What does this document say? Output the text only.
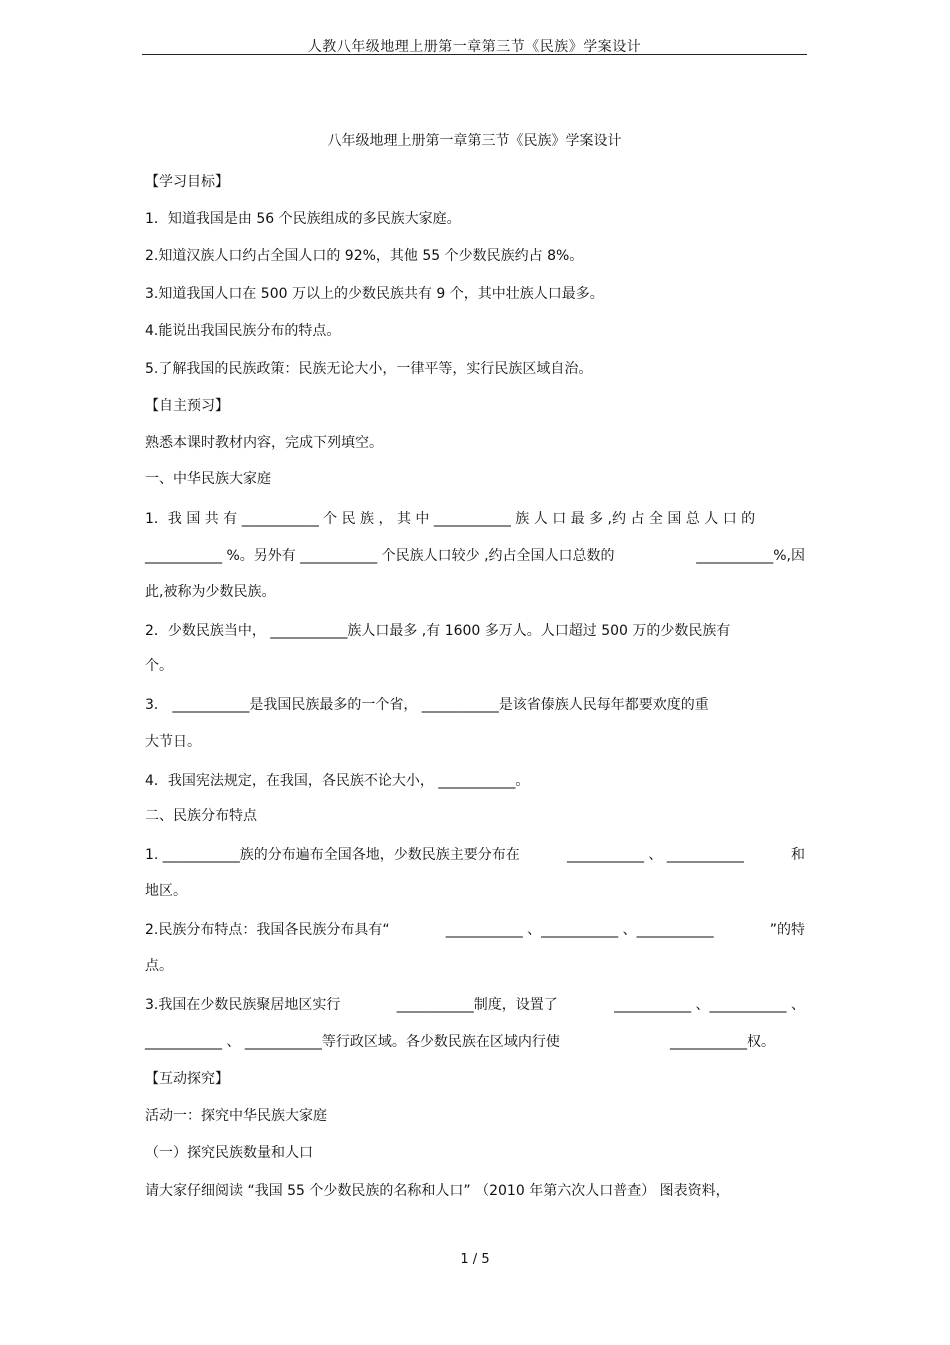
人教八年级地理上册第一章第三节《民族》学案设计
八年级地理上册第一章第三节《民族》学案设计
【学习目标】
1．知道我国是由 56 个民族组成的多民族大家庭。
2.知道汉族人口约占全国人口的 92%，其他 55 个少数民族约占 8%。
3.知道我国人口在 500 万以上的少数民族共有 9 个，其中壮族人口最多。
4.能说出我国民族分布的特点。
5.了解我国的民族政策：民族无论大小，一律平等，实行民族区域自治。
【自主预习】
熟悉本课时教材内容，完成下列填空。
一、中华民族大家庭
1．我 国 共 有 ___________ 个 民 族 ， 其 中 ___________ 族 人 口 最 多 ,约 占 全 国 总 人 口 的
___________ %。另外有 ___________ 个民族人口较少 ,约占全国人口总数的	___________%,因
此,被称为少数民族。
2．少数民族当中， ___________族人口最多 ,有 1600 多万人。人口超过 500 万的少数民族有
个。
3． ___________是我国民族最多的一个省， ___________是该省傣族人民每年都要欢度的重
大节日。
4．我国宪法规定，在我国，各民族不论大小， ___________。
二、民族分布特点
1. ___________族的分布遍布全国各地，少数民族主要分布在	___________ 、 ___________	和
地区。
2.民族分布特点：我国各民族分布具有“	___________ 、___________ 、___________	”的特
点。
3.我国在少数民族聚居地区实行	___________制度，设置了	___________ 、___________ 、
___________ 、 ___________等行政区域。各少数民族在区域内行使	___________权。
【互动探究】
活动一：探究中华民族大家庭
（一）探究民族数量和人口
请大家仔细阅读 “我国 55 个少数民族的名称和人口” （2010 年第六次人口普查） 图表资料，
1 / 5
